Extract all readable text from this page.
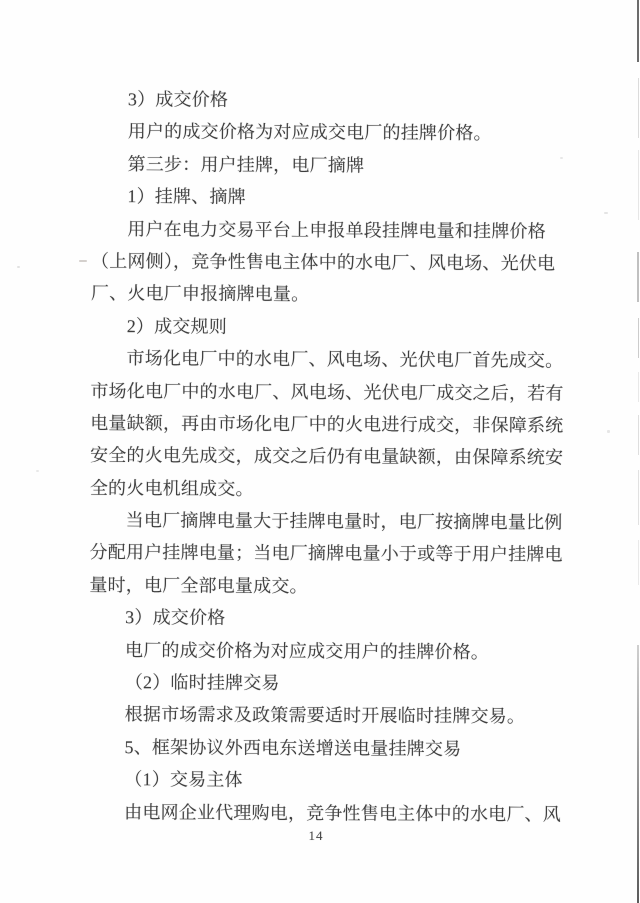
3）成交价格
用户的成交价格为对应成交电厂的挂牌价格。
第三步：用户挂牌，电厂摘牌
1）挂牌、摘牌
用户在电力交易平台上申报单段挂牌电量和挂牌价格
（上网侧），竞争性售电主体中的水电厂、风电场、光伏电
厂、火电厂申报摘牌电量。
2）成交规则
市场化电厂中的水电厂、风电场、光伏电厂首先成交。
市场化电厂中的水电厂、风电场、光伏电厂成交之后，若有
电量缺额，再由市场化电厂中的火电进行成交，非保障系统
安全的火电先成交，成交之后仍有电量缺额，由保障系统安
全的火电机组成交。
当电厂摘牌电量大于挂牌电量时，电厂按摘牌电量比例
分配用户挂牌电量；当电厂摘牌电量小于或等于用户挂牌电
量时，电厂全部电量成交。
3）成交价格
电厂的成交价格为对应成交用户的挂牌价格。
（2）临时挂牌交易
根据市场需求及政策需要适时开展临时挂牌交易。
5、框架协议外西电东送增送电量挂牌交易
（1）交易主体
由电网企业代理购电，竞争性售电主体中的水电厂、风
14
